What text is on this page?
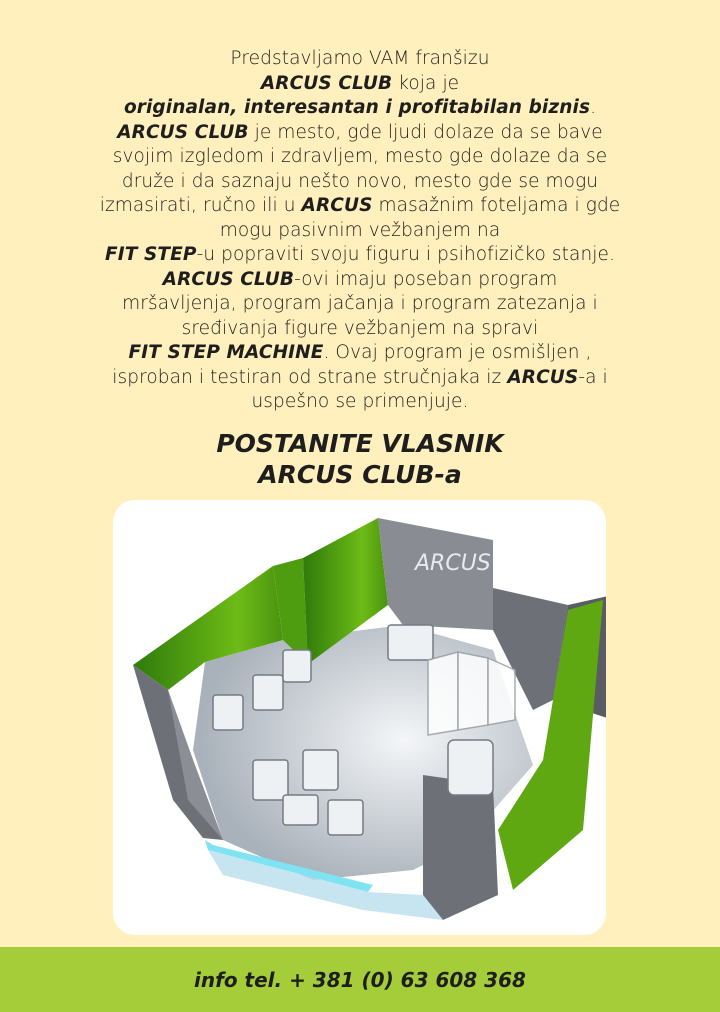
Predstavljamo VAM franšizu
ARCUS CLUB koja je
originalan, interesantan i profitabilan biznis.
ARCUS CLUB je mesto, gde ljudi dolaze da se bave
svojim izgledom i zdravljem, mesto gde dolaze da se
druže i da saznaju nešto novo, mesto gde se mogu
izmasirati, ručno ili u ARCUS masažnim foteljama i gde
mogu pasivnim vežbanjem na
FIT STEP-u popraviti svoju figuru i psihofizičko stanje.
ARCUS CLUB-ovi imaju poseban program
mršavljenja, program jačanja i program zatezanja i
sređivanja figure vežbanjem na spravi
FIT STEP MACHINE. Ovaj program je osmišljen ,
isproban i testiran od strane stručnjaka iz ARCUS-a i
uspešno se primenjuje.
POSTANITE VLASNIK
ARCUS CLUB-a
ARCUS
info tel. + 381 (0) 63 608 368
